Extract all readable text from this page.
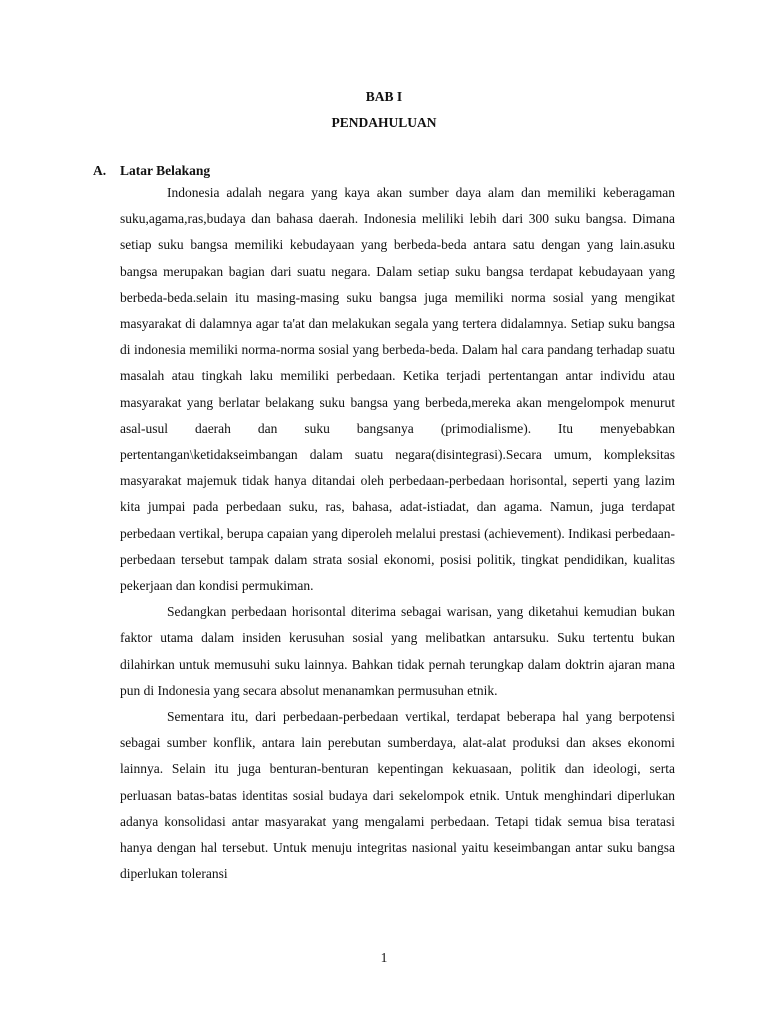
BAB I
PENDAHULUAN
A. Latar Belakang

Indonesia adalah negara yang kaya akan sumber daya alam dan memiliki keberagaman suku,agama,ras,budaya dan bahasa daerah. Indonesia meliliki lebih dari 300 suku bangsa. Dimana setiap suku bangsa memiliki kebudayaan yang berbeda-beda antara satu dengan yang lain.asuku bangsa merupakan bagian dari suatu negara. Dalam setiap suku bangsa terdapat kebudayaan yang berbeda-beda.selain itu masing-masing suku bangsa juga memiliki norma sosial yang mengikat masyarakat di dalamnya agar ta'at dan melakukan segala yang tertera didalamnya. Setiap suku bangsa di indonesia memiliki norma-norma sosial yang berbeda-beda. Dalam hal cara pandang terhadap suatu masalah atau tingkah laku memiliki perbedaan. Ketika terjadi pertentangan antar individu atau masyarakat yang berlatar belakang suku bangsa yang berbeda,mereka akan mengelompok menurut asal-usul daerah dan suku bangsanya (primodialisme). Itu menyebabkan pertentangan\ketidakseimbangan dalam suatu negara(disintegrasi).Secara umum, kompleksitas masyarakat majemuk tidak hanya ditandai oleh perbedaan-perbedaan horisontal, seperti yang lazim kita jumpai pada perbedaan suku, ras, bahasa, adat-istiadat, dan agama. Namun, juga terdapat perbedaan vertikal, berupa capaian yang diperoleh melalui prestasi (achievement). Indikasi perbedaan-perbedaan tersebut tampak dalam strata sosial ekonomi, posisi politik, tingkat pendidikan, kualitas pekerjaan dan kondisi permukiman.

Sedangkan perbedaan horisontal diterima sebagai warisan, yang diketahui kemudian bukan faktor utama dalam insiden kerusuhan sosial yang melibatkan antarsuku. Suku tertentu bukan dilahirkan untuk memusuhi suku lainnya. Bahkan tidak pernah terungkap dalam doktrin ajaran mana pun di Indonesia yang secara absolut menanamkan permusuhan etnik.

Sementara itu, dari perbedaan-perbedaan vertikal, terdapat beberapa hal yang berpotensi sebagai sumber konflik, antara lain perebutan sumberdaya, alat-alat produksi dan akses ekonomi lainnya. Selain itu juga benturan-benturan kepentingan kekuasaan, politik dan ideologi, serta perluasan batas-batas identitas sosial budaya dari sekelompok etnik. Untuk menghindari diperlukan adanya konsolidasi antar masyarakat yang mengalami perbedaan. Tetapi tidak semua bisa teratasi hanya dengan hal tersebut. Untuk menuju integritas nasional yaitu keseimbangan antar suku bangsa diperlukan toleransi

1
